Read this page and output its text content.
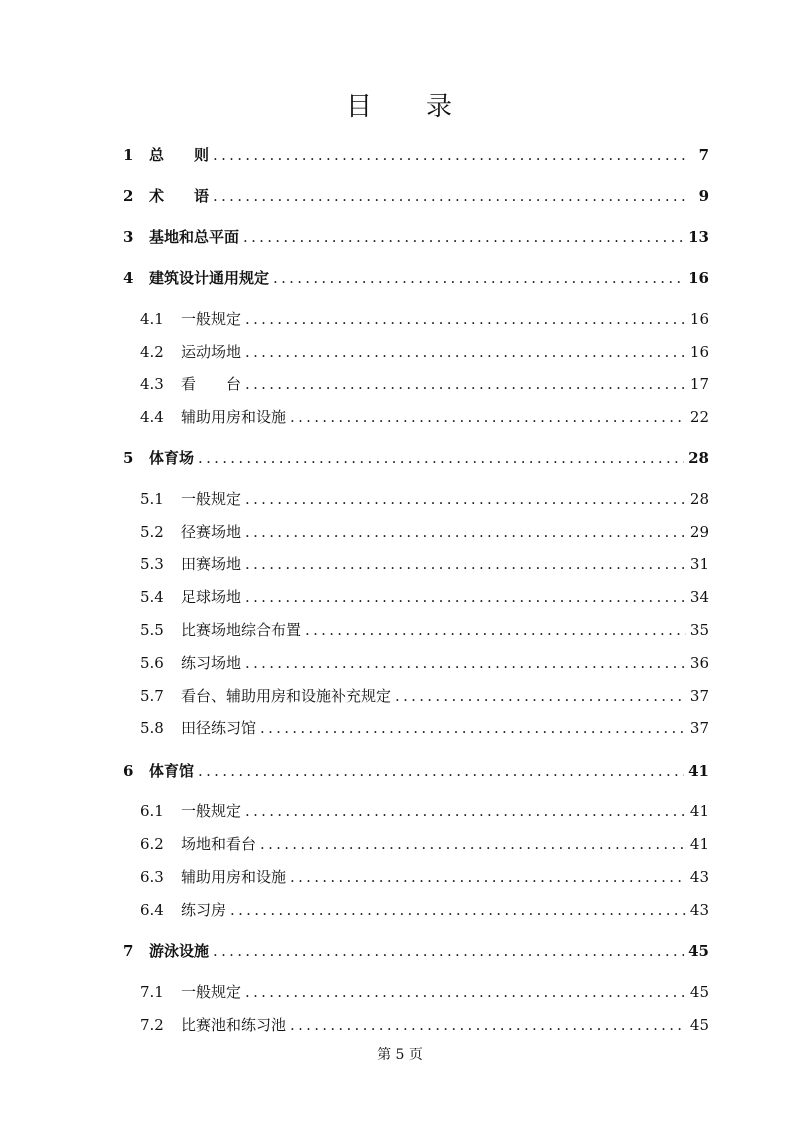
目 录
1	总　　则 .....	7
2	术　　语 .....	9
3	基地和总平面 .....	13
4	建筑设计通用规定 .....	16
4.1	一般规定 .....	16
4.2	运动场地 .....	16
4.3	看　　台 .....	17
4.4	辅助用房和设施 .....	22
5	体育场 .....	28
5.1	一般规定 .....	28
5.2	径赛场地 .....	29
5.3	田赛场地 .....	31
5.4	足球场地 .....	34
5.5	比赛场地综合布置 .....	35
5.6	练习场地 .....	36
5.7	看台、辅助用房和设施补充规定 .....	37
5.8	田径练习馆 .....	37
6	体育馆 .....	41
6.1	一般规定 .....	41
6.2	场地和看台 .....	41
6.3	辅助用房和设施 .....	43
6.4	练习房 .....	43
7	游泳设施 .....	45
7.1	一般规定 .....	45
7.2	比赛池和练习池 .....	45
第 5 页
